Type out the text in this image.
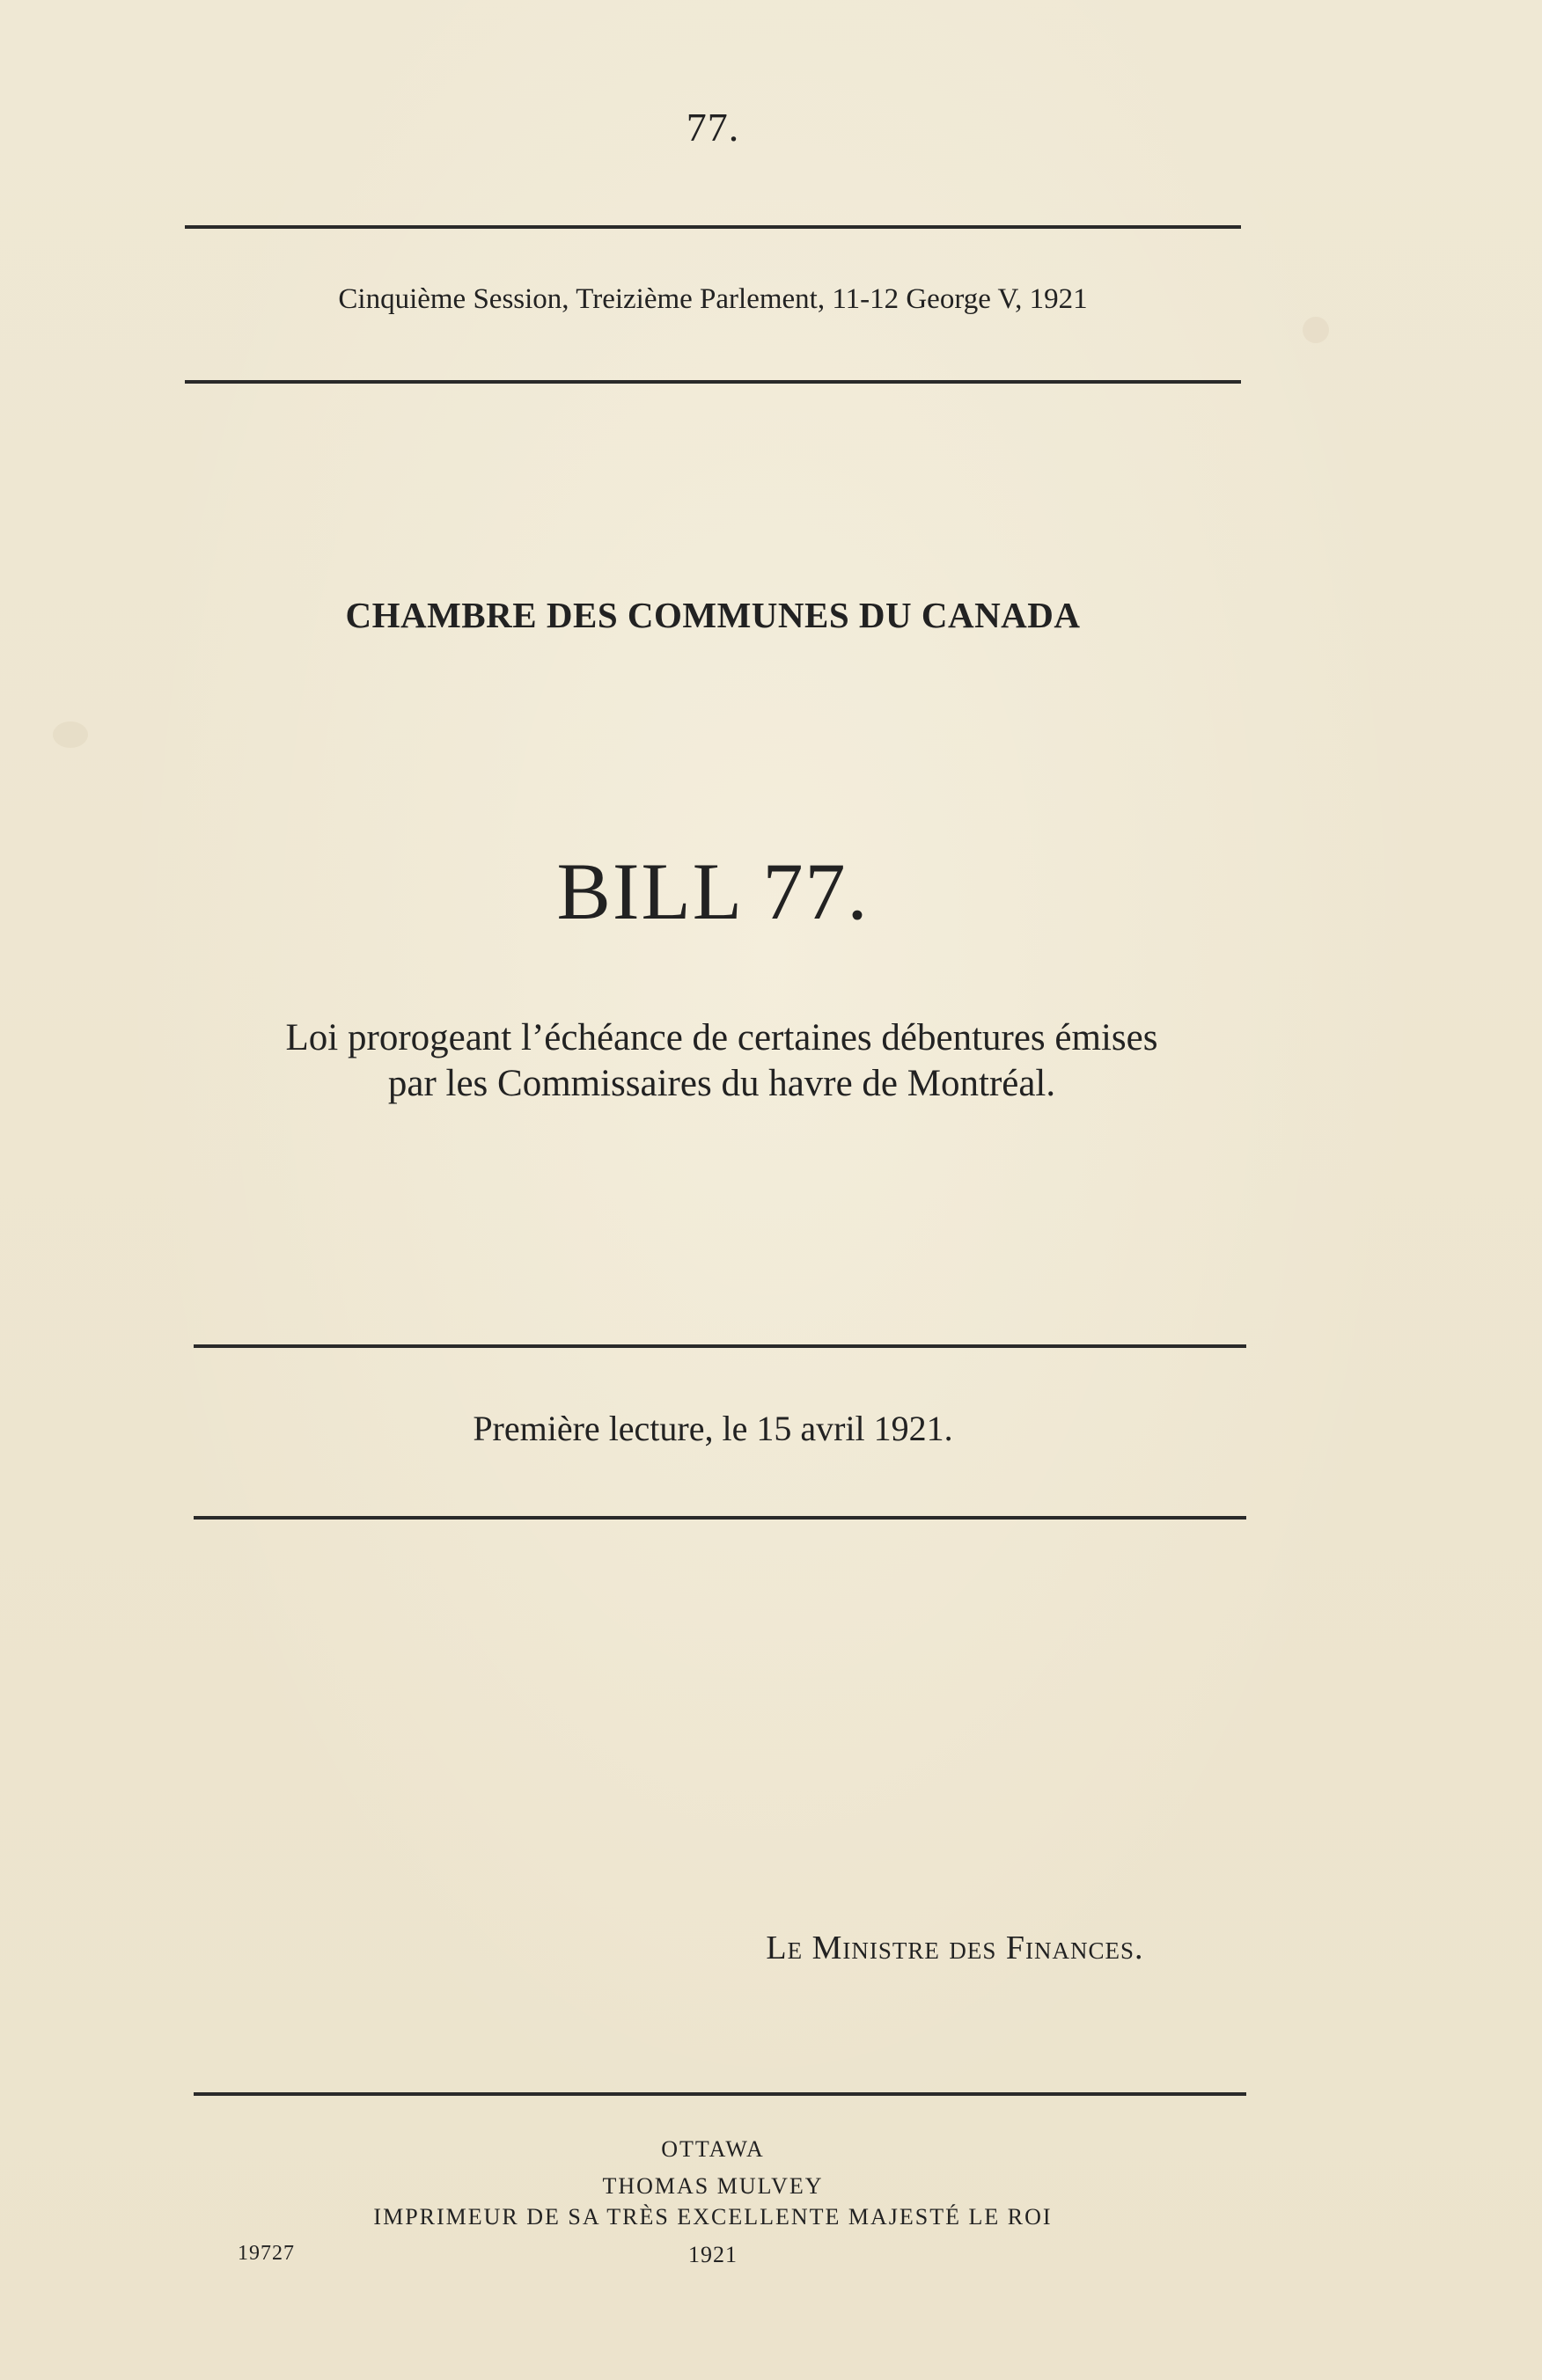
77.
Cinquième Session, Treizième Parlement, 11-12 George V, 1921
CHAMBRE DES COMMUNES DU CANADA
BILL 77.
Loi prorogeant l’échéance de certaines débentures émises
par les Commissaires du havre de Montréal.
Première lecture, le 15 avril 1921.
Le Ministre des Finances.
OTTAWA
THOMAS MULVEY
IMPRIMEUR DE SA TRÈS EXCELLENTE MAJESTÉ LE ROI
19727	1921
